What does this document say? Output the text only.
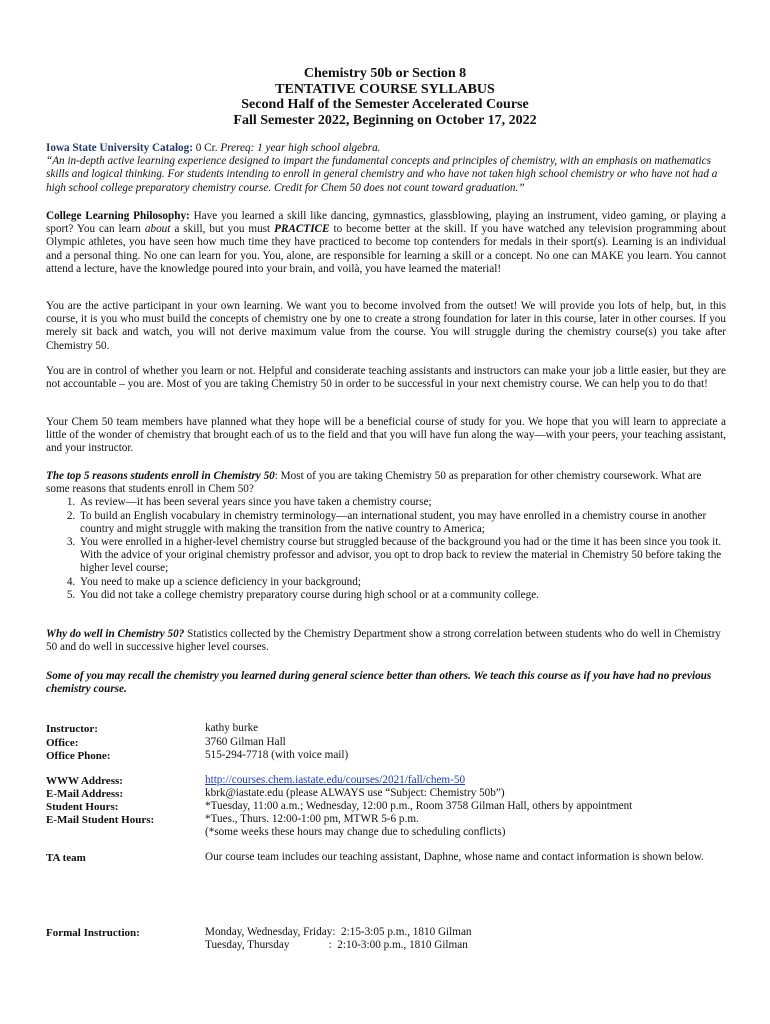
Chemistry 50b or Section 8
TENTATIVE COURSE SYLLABUS
Second Half of the Semester Accelerated Course
Fall Semester 2022, Beginning on October 17, 2022
Iowa State University Catalog: 0 Cr. Prereq: 1 year high school algebra.
“An in-depth active learning experience designed to impart the fundamental concepts and principles of chemistry, with an emphasis on mathematics skills and logical thinking. For students intending to enroll in general chemistry and who have not taken high school chemistry or who have not had a high school college preparatory chemistry course. Credit for Chem 50 does not count toward graduation.”
College Learning Philosophy: Have you learned a skill like dancing, gymnastics, glassblowing, playing an instrument, video gaming, or playing a sport? You can learn about a skill, but you must PRACTICE to become better at the skill. If you have watched any television programming about Olympic athletes, you have seen how much time they have practiced to become top contenders for medals in their sport(s). Learning is an individual and a personal thing. No one can learn for you. You, alone, are responsible for learning a skill or a concept. No one can MAKE you learn. You cannot attend a lecture, have the knowledge poured into your brain, and voilà, you have learned the material!
You are the active participant in your own learning. We want you to become involved from the outset! We will provide you lots of help, but, in this course, it is you who must build the concepts of chemistry one by one to create a strong foundation for later in this course, later in other courses. If you merely sit back and watch, you will not derive maximum value from the course. You will struggle during the chemistry course(s) you take after Chemistry 50.
You are in control of whether you learn or not. Helpful and considerate teaching assistants and instructors can make your job a little easier, but they are not accountable – you are. Most of you are taking Chemistry 50 in order to be successful in your next chemistry course. We can help you to do that!
Your Chem 50 team members have planned what they hope will be a beneficial course of study for you. We hope that you will learn to appreciate a little of the wonder of chemistry that brought each of us to the field and that you will have fun along the way—with your peers, your teaching assistant, and your instructor.
The top 5 reasons students enroll in Chemistry 50: Most of you are taking Chemistry 50 as preparation for other chemistry coursework. What are some reasons that students enroll in Chem 50?
1. As review—it has been several years since you have taken a chemistry course;
2. To build an English vocabulary in chemistry terminology—an international student, you may have enrolled in a chemistry course in another country and might struggle with making the transition from the native country to America;
3. You were enrolled in a higher-level chemistry course but struggled because of the background you had or the time it has been since you took it. With the advice of your original chemistry professor and advisor, you opt to drop back to review the material in Chemistry 50 before taking the higher level course;
4. You need to make up a science deficiency in your background;
5. You did not take a college chemistry preparatory course during high school or at a community college.
Why do well in Chemistry 50? Statistics collected by the Chemistry Department show a strong correlation between students who do well in Chemistry 50 and do well in successive higher level courses.
Some of you may recall the chemistry you learned during general science better than others. We teach this course as if you have had no previous chemistry course.
Instructor:	kathy burke
Office:	3760 Gilman Hall
Office Phone:	515-294-7718 (with voice mail)
WWW Address:	http://courses.chem.iastate.edu/courses/2021/fall/chem-50
E-Mail Address:	kbrk@iastate.edu (please ALWAYS use “Subject: Chemistry 50b”)
Student Hours:	*Tuesday, 11:00 a.m.; Wednesday, 12:00 p.m., Room 3758 Gilman Hall, others by appointment
E-Mail Student Hours:	*Tues., Thurs. 12:00-1:00 pm, MTWR 5-6 p.m.
(*some weeks these hours may change due to scheduling conflicts)
TA team	Our course team includes our teaching assistant, Daphne, whose name and contact information is shown below.
Formal Instruction:	Monday, Wednesday, Friday:  2:15-3:05 p.m., 1810 Gilman
Tuesday, Thursday              :  2:10-3:00 p.m., 1810 Gilman
